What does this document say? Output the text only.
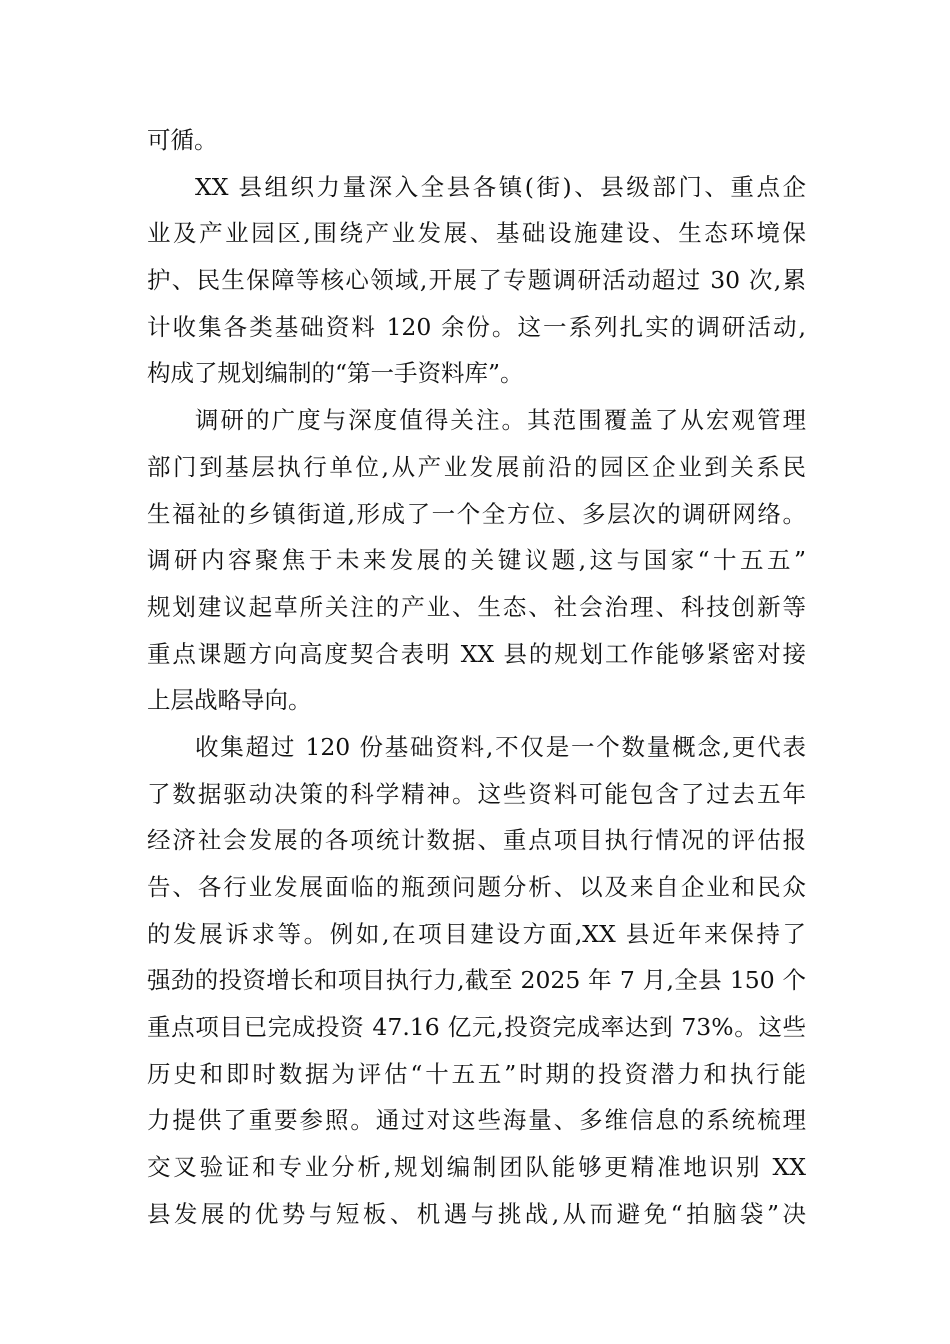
可循。
XX 县组织力量深入全县各镇(街)、县级部门、重点企
业及产业园区,围绕产业发展、基础设施建设、生态环境保
护、民生保障等核心领域,开展了专题调研活动超过 30 次,累
计收集各类基础资料 120 余份。这一系列扎实的调研活动,
构成了规划编制的“第一手资料库”。
调研的广度与深度值得关注。其范围覆盖了从宏观管理
部门到基层执行单位,从产业发展前沿的园区企业到关系民
生福祉的乡镇街道,形成了一个全方位、多层次的调研网络。
调研内容聚焦于未来发展的关键议题,这与国家“十五五”
规划建议起草所关注的产业、生态、社会治理、科技创新等
重点课题方向高度契合表明 XX 县的规划工作能够紧密对接
上层战略导向。
收集超过 120 份基础资料,不仅是一个数量概念,更代表
了数据驱动决策的科学精神。这些资料可能包含了过去五年
经济社会发展的各项统计数据、重点项目执行情况的评估报
告、各行业发展面临的瓶颈问题分析、以及来自企业和民众
的发展诉求等。例如,在项目建设方面,XX 县近年来保持了
强劲的投资增长和项目执行力,截至 2025 年 7 月,全县 150 个
重点项目已完成投资 47.16 亿元,投资完成率达到 73%。这些
历史和即时数据为评估“十五五”时期的投资潜力和执行能
力提供了重要参照。通过对这些海量、多维信息的系统梳理
交叉验证和专业分析,规划编制团队能够更精准地识别 XX
县发展的优势与短板、机遇与挑战,从而避免“拍脑袋”决
